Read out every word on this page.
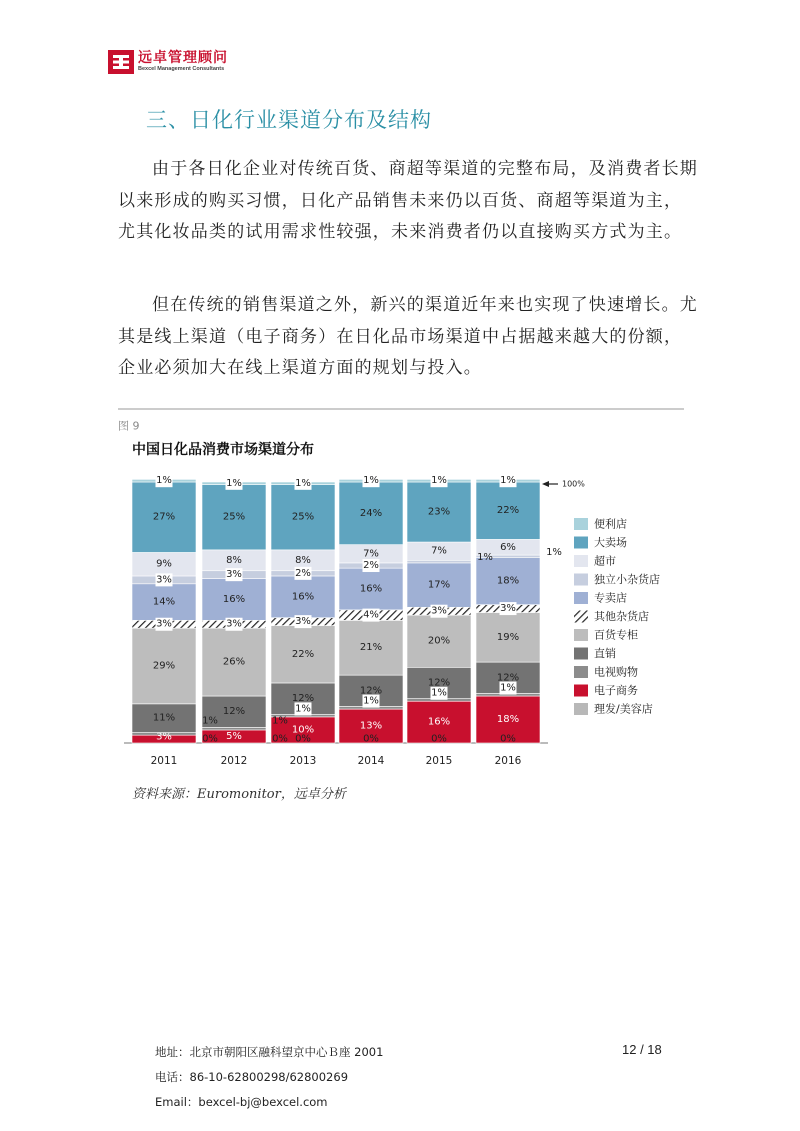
远卓管理顾问
Bexcel Management Consultants
三、日化行业渠道分布及结构
由于各日化企业对传统百货、商超等渠道的完整布局，及消费者长期以来形成的购买习惯，日化产品销售未来仍以百货、商超等渠道为主，尤其化妆品类的试用需求性较强，未来消费者仍以直接购买方式为主。
但在传统的销售渠道之外，新兴的渠道近年来也实现了快速增长。尤其是线上渠道（电子商务）在日化品市场渠道中占据越来越大的份额，企业必须加大在线上渠道方面的规划与投入。
图 9
中国日化品消费市场渠道分布
2011	2012	2013	2014	2015	2016
0%
3%
1%
11%
29%
3%
14%
3%
9%
27%
1%
0%
5%
1%
12%
26%
3%
16%
3%
8%
25%
1%
0%
10%
1%
12%
22%
3%
16%
2%
8%
25%
1%
0%
13%
1%
12%
21%
4%
16%
2%
7%
24%
1%
0%
16%
1%
12%
20%
3%
17%
1%
7%
23%
1%
0%
18%
1%
12%
19%
3%
18%
1%
6%
22%
1%	100%
便利店
大卖场
超市
独立小杂货店
专卖店
其他杂货店
百货专柜
直销
电视购物
电子商务
理发/美容店
资料来源：Euromonitor，远卓分析
地址：北京市朝阳区融科望京中心Ｂ座 2001
电话：86-10-62800298/62800269
Email：bexcel-bj@bexcel.com
12 / 18
